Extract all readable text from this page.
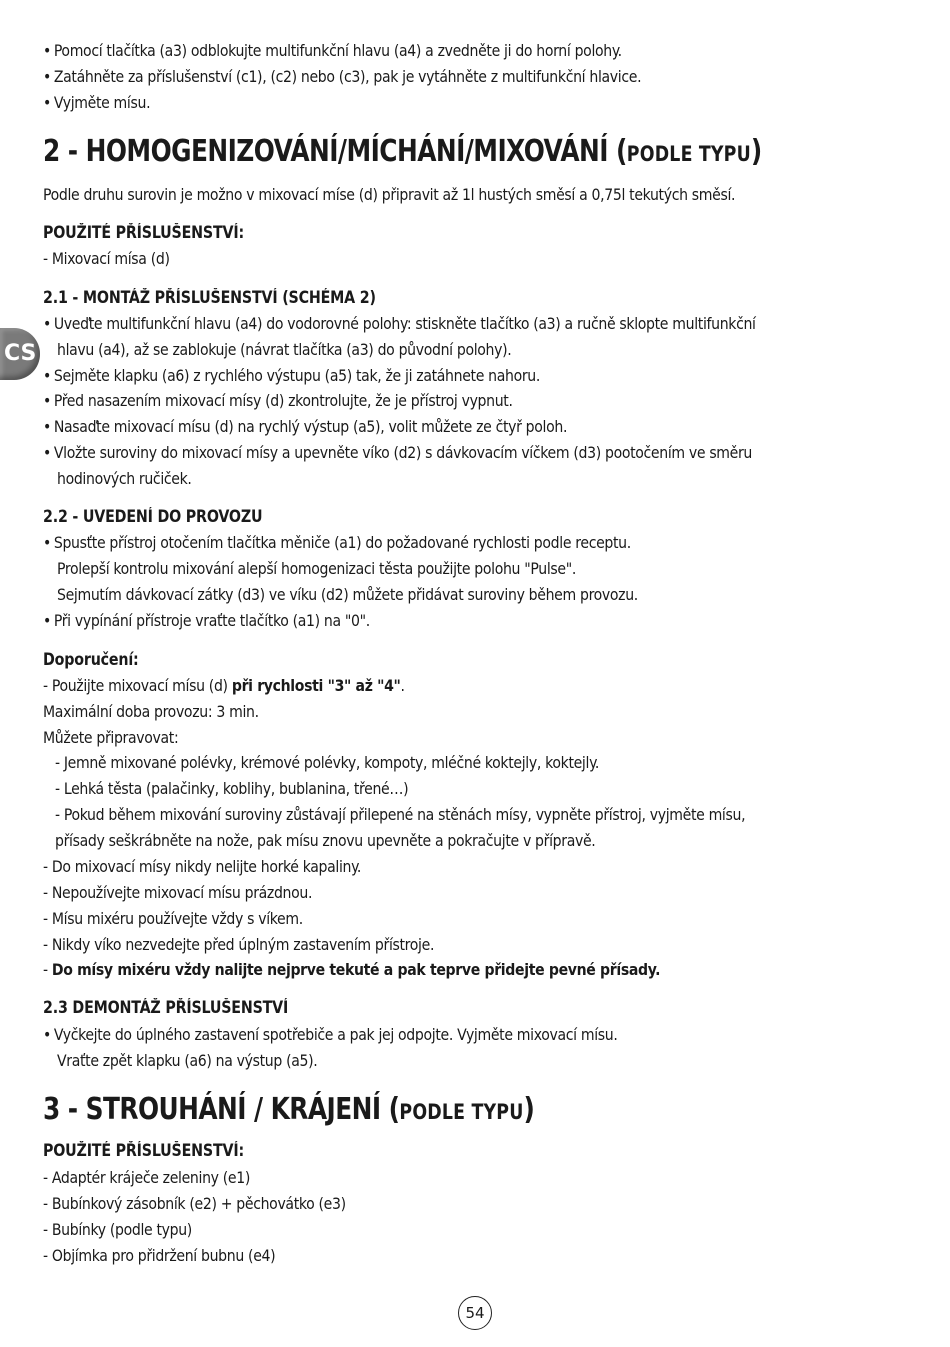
• Pomocí tlačítka (a3) odblokujte multifunkční hlavu (a4) a zvedněte ji do horní polohy.
• Zatáhněte za příslušenství (c1), (c2) nebo (c3), pak je vytáhněte z multifunkční hlavice.
• Vyjměte mísu.
2 - HOMOGENIZOVÁNÍ/MÍCHÁNÍ/MIXOVÁNÍ (PODLE TYPU)
Podle druhu surovin je možno v mixovací míse (d) připravit až 1l hustých směsí a 0,75l tekutých směsí.
POUŽITÉ PŘÍSLUŠENSTVÍ:
- Mixovací mísa (d)
2.1 - MONTÁŽ PŘÍSLUŠENSTVÍ (SCHÉMA 2)
• Uveďte multifunkční hlavu (a4) do vodorovné polohy: stiskněte tlačítko (a3) a ručně sklopte multifunkční
hlavu (a4), až se zablokuje (návrat tlačítka (a3) do původní polohy).
• Sejměte klapku (a6) z rychlého výstupu (a5) tak, že ji zatáhnete nahoru.
• Před nasazením mixovací mísy (d) zkontrolujte, že je přístroj vypnut.
• Nasaďte mixovací mísu (d) na rychlý výstup (a5), volit můžete ze čtyř poloh.
• Vložte suroviny do mixovací mísy a upevněte víko (d2) s dávkovacím víčkem (d3) pootočením ve směru
hodinových ručiček.
2.2 - UVEDENÍ DO PROVOZU
• Spusťte přístroj otočením tlačítka měniče (a1) do požadované rychlosti podle receptu.
Prolepší kontrolu mixování alepší homogenizaci těsta použijte polohu "Pulse".
Sejmutím dávkovací zátky (d3) ve víku (d2) můžete přidávat suroviny během provozu.
• Při vypínání přístroje vraťte tlačítko (a1) na "0".
Doporučení:
- Použijte mixovací mísu (d) při rychlosti "3" až "4".
Maximální doba provozu: 3 min.
Můžete připravovat:
- Jemně mixované polévky, krémové polévky, kompoty, mléčné koktejly, koktejly.
- Lehká těsta (palačinky, koblihy, bublanina, třené…)
- Pokud během mixování suroviny zůstávají přilepené na stěnách mísy, vypněte přístroj, vyjměte mísu,
přísady seškrábněte na nože, pak mísu znovu upevněte a pokračujte v přípravě.
- Do mixovací mísy nikdy nelijte horké kapaliny.
- Nepoužívejte mixovací mísu prázdnou.
- Mísu mixéru používejte vždy s víkem.
- Nikdy víko nezvedejte před úplným zastavením přístroje.
- Do mísy mixéru vždy nalijte nejprve tekuté a pak teprve přidejte pevné přísady.
2.3 DEMONTÁŽ PŘÍSLUŠENSTVÍ
• Vyčkejte do úplného zastavení spotřebiče a pak jej odpojte. Vyjměte mixovací mísu.
Vraťte zpět klapku (a6) na výstup (a5).
3 - STROUHÁNÍ / KRÁJENÍ (PODLE TYPU)
POUŽITÉ PŘÍSLUŠENSTVÍ:
- Adaptér kráječe zeleniny (e1)
- Bubínkový zásobník (e2) + pěchovátko (e3)
- Bubínky (podle typu)
- Objímka pro přidržení bubnu (e4)
CS
54
